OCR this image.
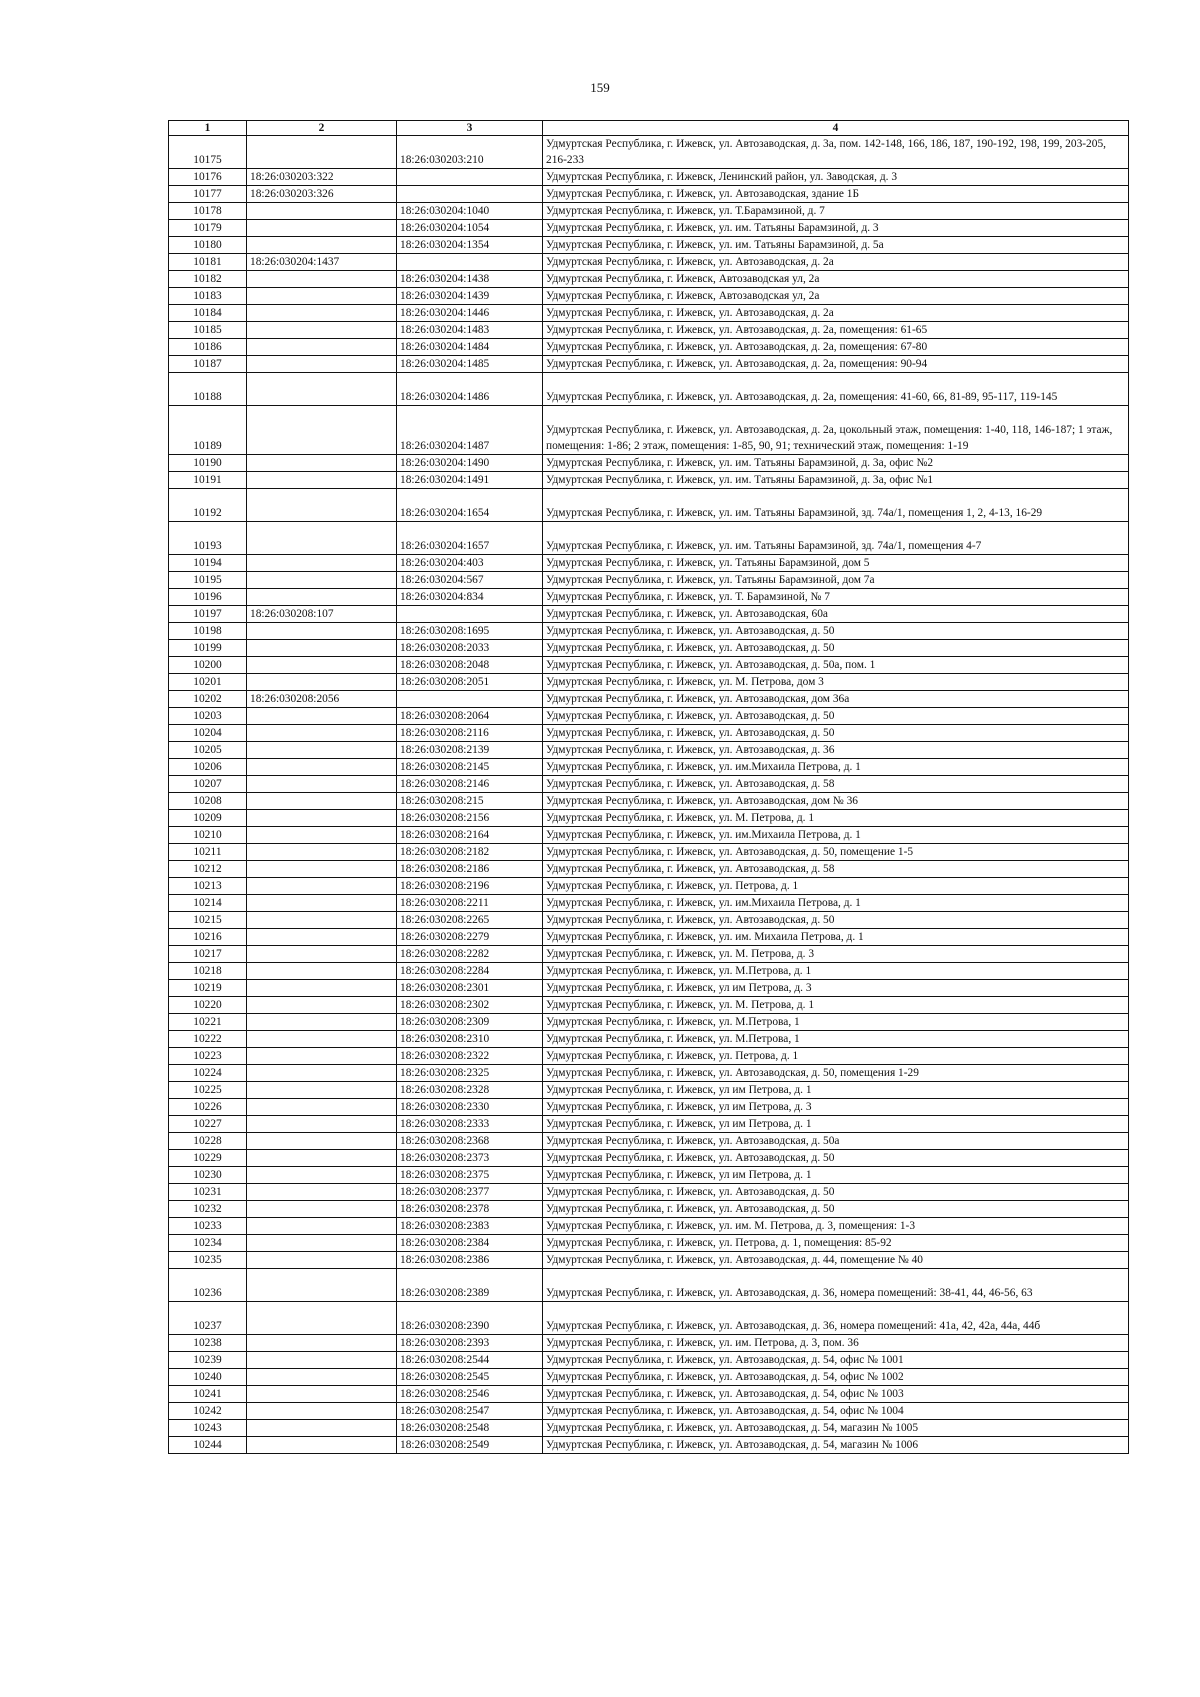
159
1	2	3	4
10175		18:26:030203:210	Удмуртская Республика, г. Ижевск, ул. Автозаводская, д. 3а, пом. 142-148, 166, 186, 187, 190-192, 198, 199, 203-205, 216-233
10176	18:26:030203:322		Удмуртская Республика, г. Ижевск, Ленинский район, ул. Заводская, д. 3
10177	18:26:030203:326		Удмуртская Республика, г. Ижевск, ул. Автозаводская, здание 1Б
10178		18:26:030204:1040	Удмуртская Республика, г. Ижевск, ул. Т.Барамзиной, д. 7
10179		18:26:030204:1054	Удмуртская Республика, г. Ижевск, ул. им. Татьяны Барамзиной, д. 3
10180		18:26:030204:1354	Удмуртская Республика, г. Ижевск, ул. им. Татьяны Барамзиной, д. 5а
10181	18:26:030204:1437		Удмуртская Республика, г. Ижевск, ул. Автозаводская, д. 2а
10182		18:26:030204:1438	Удмуртская Республика, г. Ижевск, Автозаводская ул, 2а
10183		18:26:030204:1439	Удмуртская Республика, г. Ижевск, Автозаводская ул, 2а
10184		18:26:030204:1446	Удмуртская Республика, г. Ижевск, ул. Автозаводская, д. 2а
10185		18:26:030204:1483	Удмуртская Республика, г. Ижевск, ул. Автозаводская, д. 2а, помещения: 61-65
10186		18:26:030204:1484	Удмуртская Республика, г. Ижевск, ул. Автозаводская, д. 2а, помещения: 67-80
10187		18:26:030204:1485	Удмуртская Республика, г. Ижевск, ул. Автозаводская, д. 2а, помещения: 90-94
10188		18:26:030204:1486	Удмуртская Республика, г. Ижевск, ул. Автозаводская, д. 2а, помещения: 41-60, 66, 81-89, 95-117, 119-145
10189		18:26:030204:1487	Удмуртская Республика, г. Ижевск, ул. Автозаводская, д. 2а, цокольный этаж, помещения: 1-40, 118, 146-187; 1 этаж, помещения: 1-86; 2 этаж, помещения: 1-85, 90, 91; технический этаж, помещения: 1-19
10190		18:26:030204:1490	Удмуртская Республика, г. Ижевск, ул. им. Татьяны Барамзиной, д. 3а, офис №2
10191		18:26:030204:1491	Удмуртская Республика, г. Ижевск, ул. им. Татьяны Барамзиной, д. 3а, офис №1
10192		18:26:030204:1654	Удмуртская Республика, г. Ижевск, ул. им. Татьяны Барамзиной, зд. 74а/1, помещения 1, 2, 4-13, 16-29
10193		18:26:030204:1657	Удмуртская Республика, г. Ижевск, ул. им. Татьяны Барамзиной, зд. 74а/1, помещения 4-7
10194		18:26:030204:403	Удмуртская Республика, г. Ижевск, ул. Татьяны Барамзиной, дом 5
10195		18:26:030204:567	Удмуртская Республика, г. Ижевск, ул. Татьяны Барамзиной, дом 7а
10196		18:26:030204:834	Удмуртская Республика, г. Ижевск, ул. Т. Барамзиной, № 7
10197	18:26:030208:107		Удмуртская Республика, г. Ижевск, ул. Автозаводская, 60а
10198		18:26:030208:1695	Удмуртская Республика, г. Ижевск, ул. Автозаводская, д. 50
10199		18:26:030208:2033	Удмуртская Республика, г. Ижевск, ул. Автозаводская, д. 50
10200		18:26:030208:2048	Удмуртская Республика, г. Ижевск, ул. Автозаводская, д. 50а, пом. 1
10201		18:26:030208:2051	Удмуртская Республика, г. Ижевск, ул. М. Петрова, дом 3
10202	18:26:030208:2056		Удмуртская Республика, г. Ижевск, ул. Автозаводская, дом 36а
10203		18:26:030208:2064	Удмуртская Республика, г. Ижевск, ул. Автозаводская, д. 50
10204		18:26:030208:2116	Удмуртская Республика, г. Ижевск, ул. Автозаводская, д. 50
10205		18:26:030208:2139	Удмуртская Республика, г. Ижевск, ул. Автозаводская, д. 36
10206		18:26:030208:2145	Удмуртская Республика, г. Ижевск, ул. им.Михаила Петрова, д. 1
10207		18:26:030208:2146	Удмуртская Республика, г. Ижевск, ул. Автозаводская, д. 58
10208		18:26:030208:215	Удмуртская Республика, г. Ижевск, ул. Автозаводская, дом № 36
10209		18:26:030208:2156	Удмуртская Республика, г. Ижевск, ул. М. Петрова, д. 1
10210		18:26:030208:2164	Удмуртская Республика, г. Ижевск, ул. им.Михаила Петрова, д. 1
10211		18:26:030208:2182	Удмуртская Республика, г. Ижевск, ул. Автозаводская, д. 50, помещение 1-5
10212		18:26:030208:2186	Удмуртская Республика, г. Ижевск, ул. Автозаводская, д. 58
10213		18:26:030208:2196	Удмуртская Республика, г. Ижевск, ул. Петрова, д. 1
10214		18:26:030208:2211	Удмуртская Республика, г. Ижевск, ул. им.Михаила Петрова, д. 1
10215		18:26:030208:2265	Удмуртская Республика, г. Ижевск, ул. Автозаводская, д. 50
10216		18:26:030208:2279	Удмуртская Республика, г. Ижевск, ул. им. Михаила Петрова, д. 1
10217		18:26:030208:2282	Удмуртская Республика, г. Ижевск, ул. М. Петрова, д. 3
10218		18:26:030208:2284	Удмуртская Республика, г. Ижевск, ул. М.Петрова, д. 1
10219		18:26:030208:2301	Удмуртская Республика, г. Ижевск, ул им Петрова, д. 3
10220		18:26:030208:2302	Удмуртская Республика, г. Ижевск, ул. М. Петрова, д. 1
10221		18:26:030208:2309	Удмуртская Республика, г. Ижевск, ул. М.Петрова, 1
10222		18:26:030208:2310	Удмуртская Республика, г. Ижевск, ул. М.Петрова, 1
10223		18:26:030208:2322	Удмуртская Республика, г. Ижевск, ул. Петрова, д. 1
10224		18:26:030208:2325	Удмуртская Республика, г. Ижевск, ул. Автозаводская, д. 50, помещения 1-29
10225		18:26:030208:2328	Удмуртская Республика, г. Ижевск, ул им Петрова, д. 1
10226		18:26:030208:2330	Удмуртская Республика, г. Ижевск, ул им Петрова, д. 3
10227		18:26:030208:2333	Удмуртская Республика, г. Ижевск, ул им Петрова, д. 1
10228		18:26:030208:2368	Удмуртская Республика, г. Ижевск, ул. Автозаводская, д. 50а
10229		18:26:030208:2373	Удмуртская Республика, г. Ижевск, ул. Автозаводская, д. 50
10230		18:26:030208:2375	Удмуртская Республика, г. Ижевск, ул им Петрова, д. 1
10231		18:26:030208:2377	Удмуртская Республика, г. Ижевск, ул. Автозаводская, д. 50
10232		18:26:030208:2378	Удмуртская Республика, г. Ижевск, ул. Автозаводская, д. 50
10233		18:26:030208:2383	Удмуртская Республика, г. Ижевск, ул. им. М. Петрова, д. 3, помещения: 1-3
10234		18:26:030208:2384	Удмуртская Республика, г. Ижевск, ул. Петрова, д. 1, помещения: 85-92
10235		18:26:030208:2386	Удмуртская Республика, г. Ижевск, ул. Автозаводская, д. 44, помещение № 40
10236		18:26:030208:2389	Удмуртская Республика, г. Ижевск, ул. Автозаводская, д. 36, номера помещений: 38-41, 44, 46-56, 63
10237		18:26:030208:2390	Удмуртская Республика, г. Ижевск, ул. Автозаводская, д. 36, номера помещений: 41а, 42, 42а, 44а, 44б
10238		18:26:030208:2393	Удмуртская Республика, г. Ижевск, ул. им. Петрова, д. 3, пом. 36
10239		18:26:030208:2544	Удмуртская Республика, г. Ижевск, ул. Автозаводская, д. 54, офис № 1001
10240		18:26:030208:2545	Удмуртская Республика, г. Ижевск, ул. Автозаводская, д. 54, офис № 1002
10241		18:26:030208:2546	Удмуртская Республика, г. Ижевск, ул. Автозаводская, д. 54, офис № 1003
10242		18:26:030208:2547	Удмуртская Республика, г. Ижевск, ул. Автозаводская, д. 54, офис № 1004
10243		18:26:030208:2548	Удмуртская Республика, г. Ижевск, ул. Автозаводская, д. 54, магазин № 1005
10244		18:26:030208:2549	Удмуртская Республика, г. Ижевск, ул. Автозаводская, д. 54, магазин № 1006
